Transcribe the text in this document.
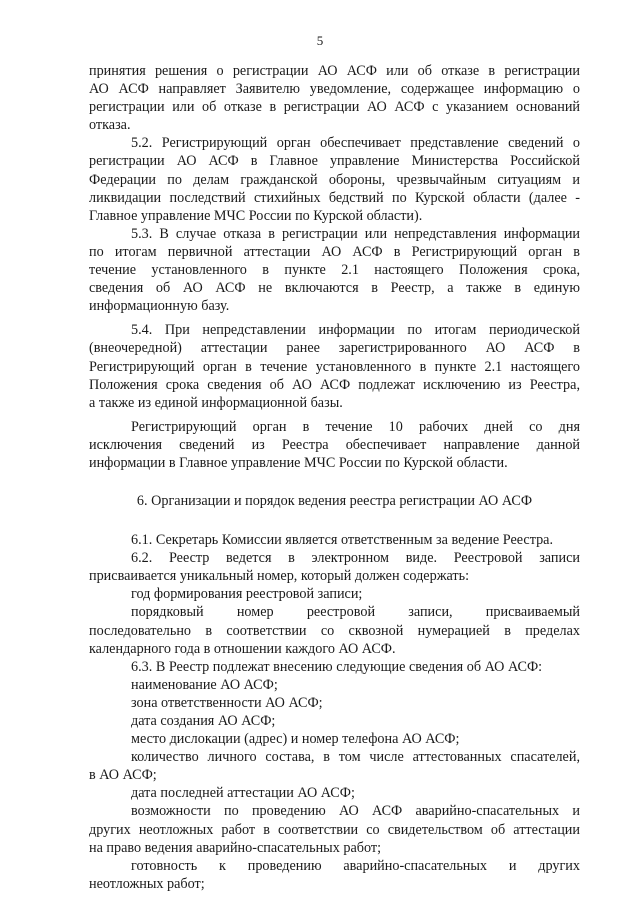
5

принятия решения о регистрации АО АСФ или об отказе в регистрации

АО АСФ направляет Заявителю уведомление, содержащее информацию о

регистрации или об отказе в регистрации АО АСФ с указанием оснований

отказа.

5.2. Регистрирующий орган обеспечивает представление сведений о

регистрации АО АСФ в Главное управление Министерства Российской

Федерации по делам гражданской обороны, чрезвычайным ситуациям и

ликвидации последствий стихийных бедствий по Курской области (далее -

Главное управление МЧС России по Курской области).

5.3. В случае отказа в регистрации или непредставления информации

по итогам первичной аттестации АО АСФ в Регистрирующий орган в

течение установленного в пункте 2.1 настоящего Положения срока,

сведения об АО АСФ не включаются в Реестр, а также в единую

информационную базу.

5.4. При непредставлении информации по итогам периодической

(внеочередной) аттестации ранее зарегистрированного АО АСФ в

Регистрирующий орган в течение установленного в пункте 2.1 настоящего

Положения срока сведения об АО АСФ подлежат исключению из Реестра,

а также из единой информационной базы.

Регистрирующий орган в течение 10 рабочих дней со дня

исключения сведений из Реестра обеспечивает направление данной

информации в Главное управление МЧС России по Курской области.

6. Организации и порядок ведения реестра регистрации АО АСФ

6.1. Секретарь Комиссии является ответственным за ведение Реестра.

6.2. Реестр ведется в электронном виде. Реестровой записи

присваивается уникальный номер, который должен содержать:

год формирования реестровой записи;

порядковый номер реестровой записи, присваиваемый

последовательно в соответствии со сквозной нумерацией в пределах

календарного года в отношении каждого АО АСФ.

6.3. В Реестр подлежат внесению следующие сведения об АО АСФ:

наименование АО АСФ;

зона ответственности АО АСФ;

дата создания АО АСФ;

место дислокации (адрес) и номер телефона АО АСФ;

количество личного состава, в том числе аттестованных спасателей,

в АО АСФ;

дата последней аттестации АО АСФ;

возможности по проведению АО АСФ аварийно-спасательных и

других неотложных работ в соответствии со свидетельством об аттестации

на право ведения аварийно-спасательных работ;

готовность к проведению аварийно-спасательных и других

неотложных работ;
